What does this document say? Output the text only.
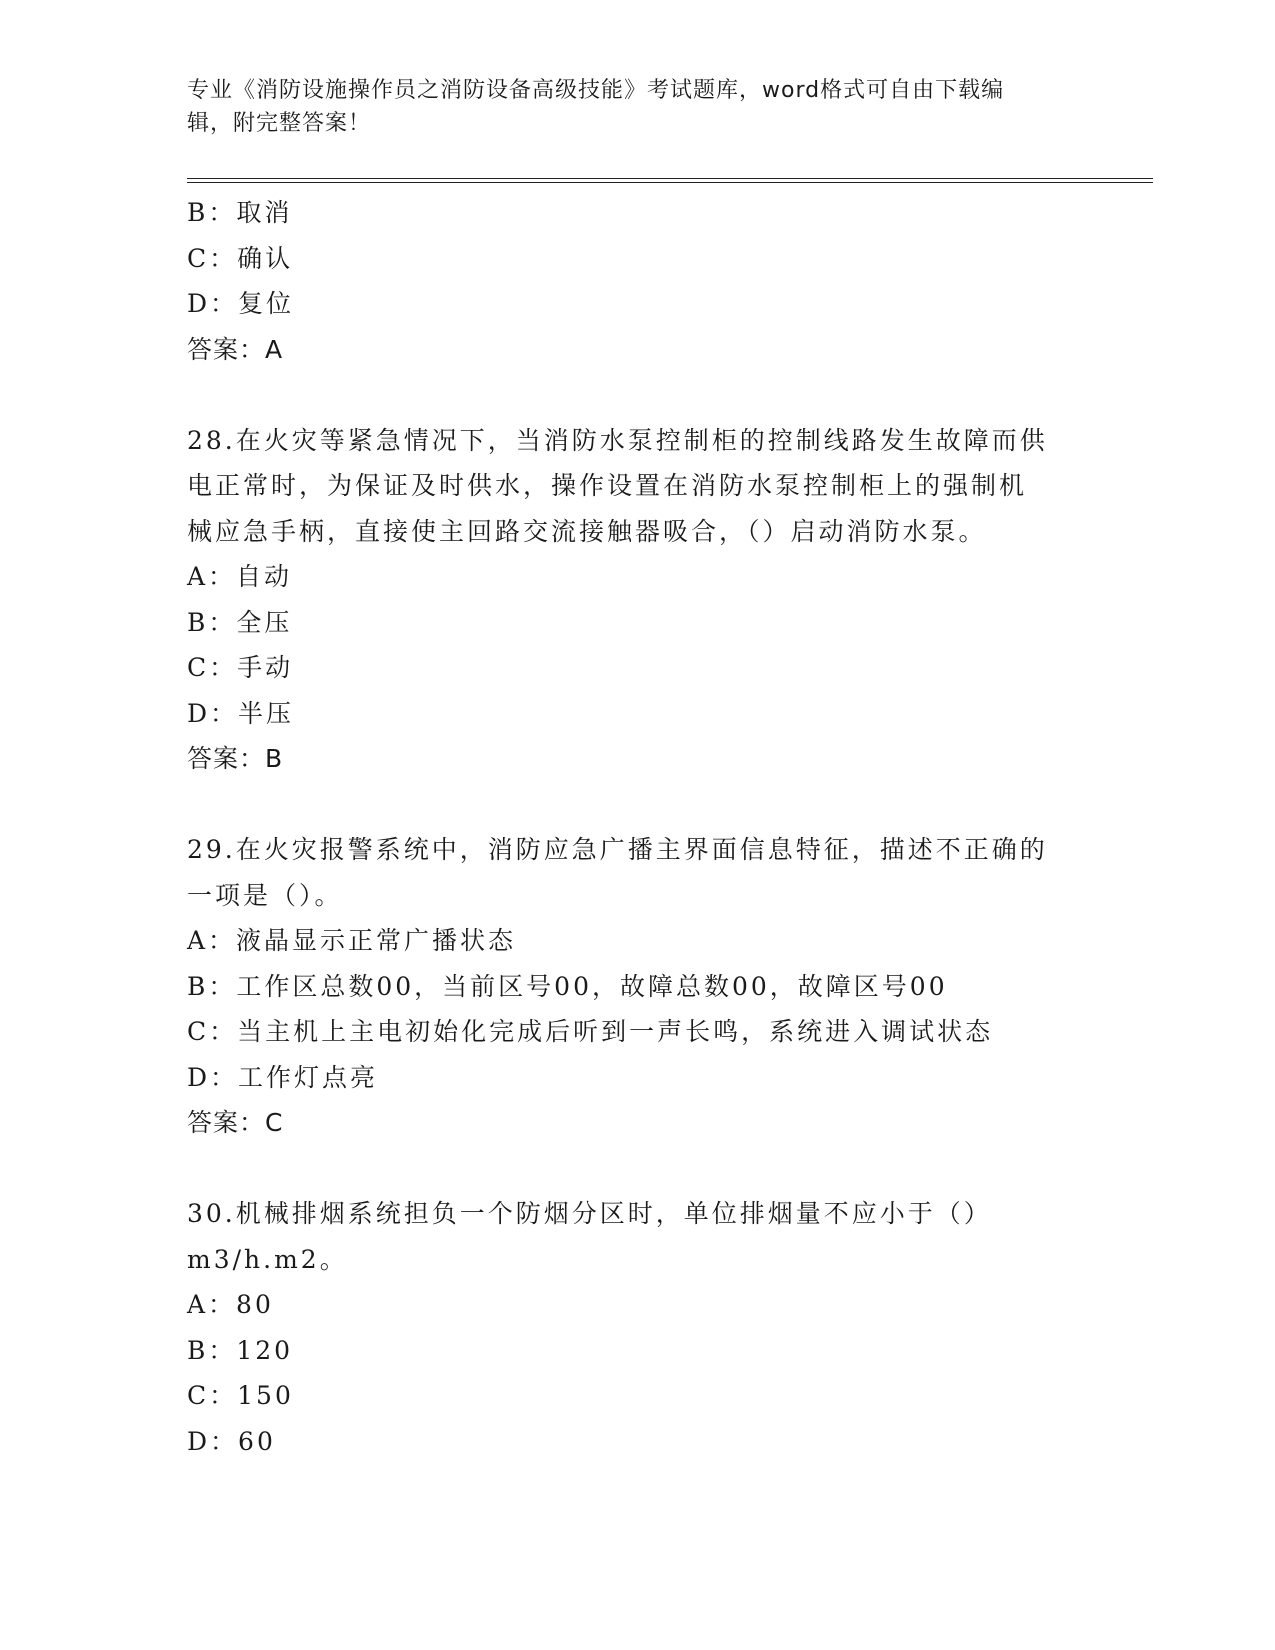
专业《消防设施操作员之消防设备高级技能》考试题库，word格式可自由下载编
辑，附完整答案！
B：取消
C：确认
D：复位
答案：A
28.在火灾等紧急情况下，当消防水泵控制柜的控制线路发生故障而供
电正常时，为保证及时供水，操作设置在消防水泵控制柜上的强制机
械应急手柄，直接使主回路交流接触器吸合，（）启动消防水泵。
A：自动
B：全压
C：手动
D：半压
答案：B
29.在火灾报警系统中，消防应急广播主界面信息特征，描述不正确的
一项是（）。
A：液晶显示正常广播状态
B：工作区总数00，当前区号00，故障总数00，故障区号00
C：当主机上主电初始化完成后听到一声长鸣，系统进入调试状态
D：工作灯点亮
答案：C
30.机械排烟系统担负一个防烟分区时，单位排烟量不应小于（）
m3/h.m2。
A：80
B：120
C：150
D：60
